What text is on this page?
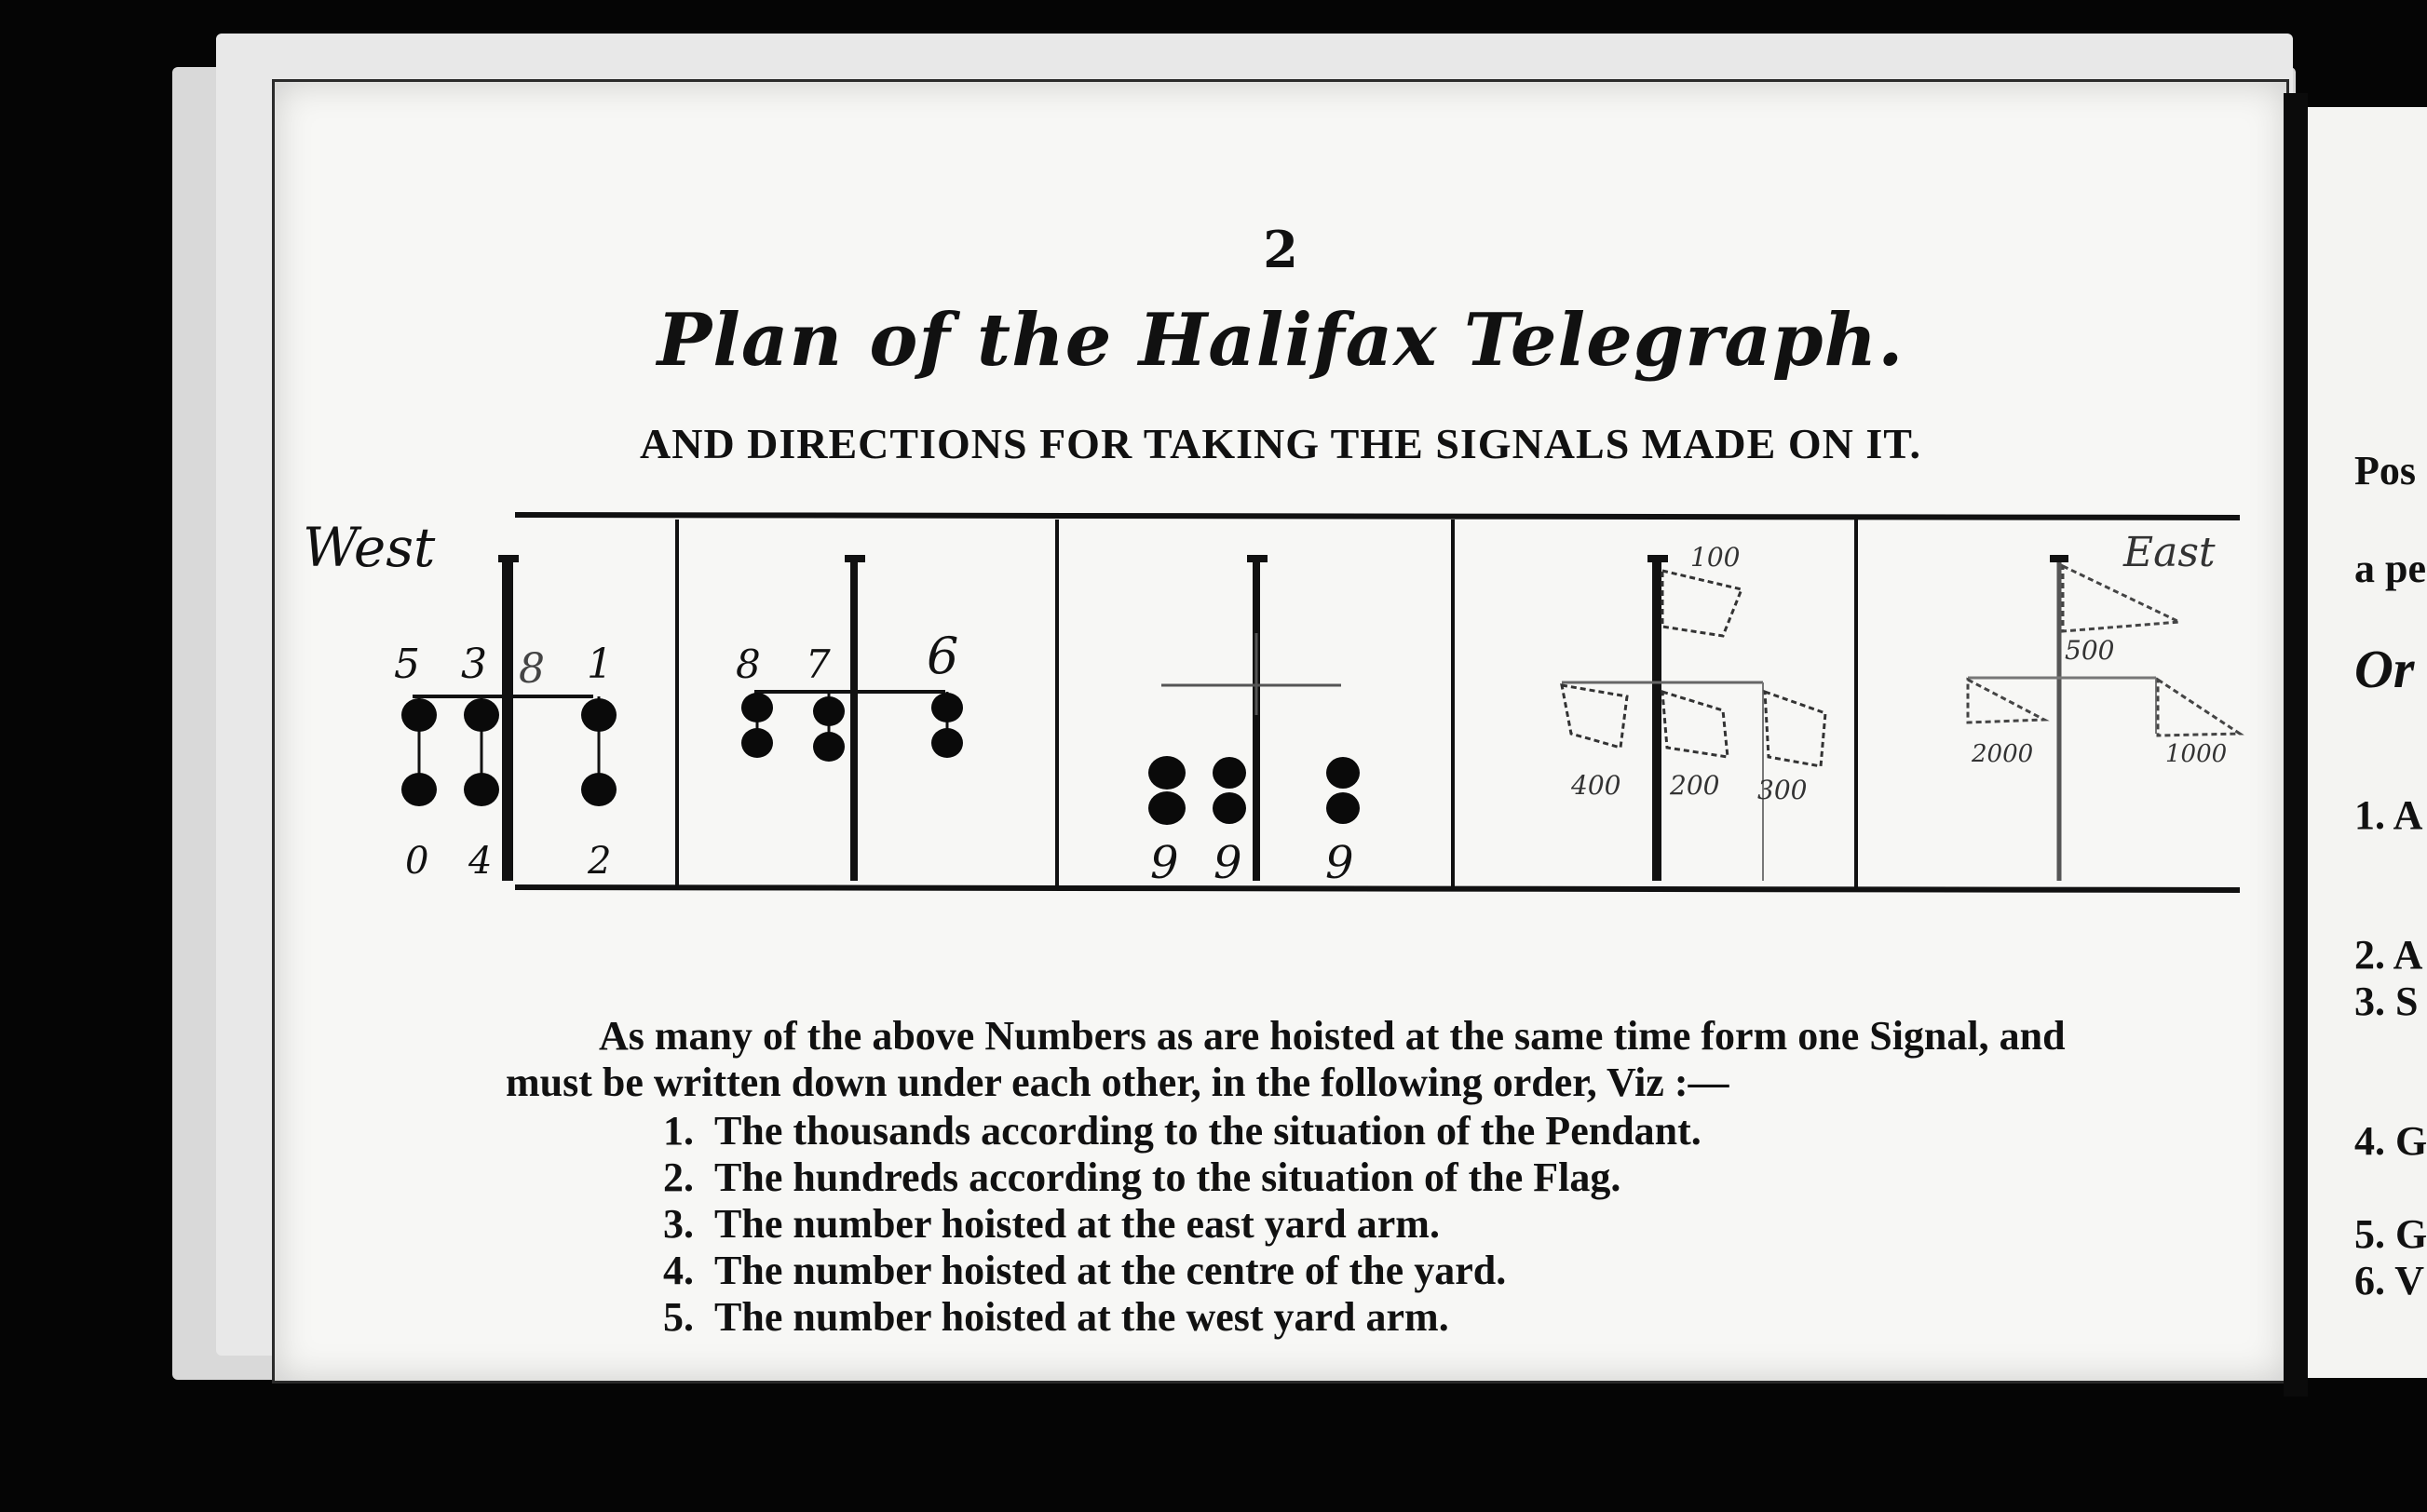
2
Plan of the Halifax Telegraph.
AND DIRECTIONS FOR TAKING THE SIGNALS MADE ON IT.
West	East
5 3 8 1
0 4	2
8 7 6
9 9 9
100
400 200 300
500
2000	1000
As many of the above Numbers as are hoisted at the same time form one Signal, and
must be written down under each other, in the following order, Viz :—
1. The thousands according to the situation of the Pendant.
2. The hundreds according to the situation of the Flag.
3. The number hoisted at the east yard arm.
4. The number hoisted at the centre of the yard.
5. The number hoisted at the west yard arm.
Pos
a pe
Or
1. A
2. A
3. S
4. G
5. G
6. V
